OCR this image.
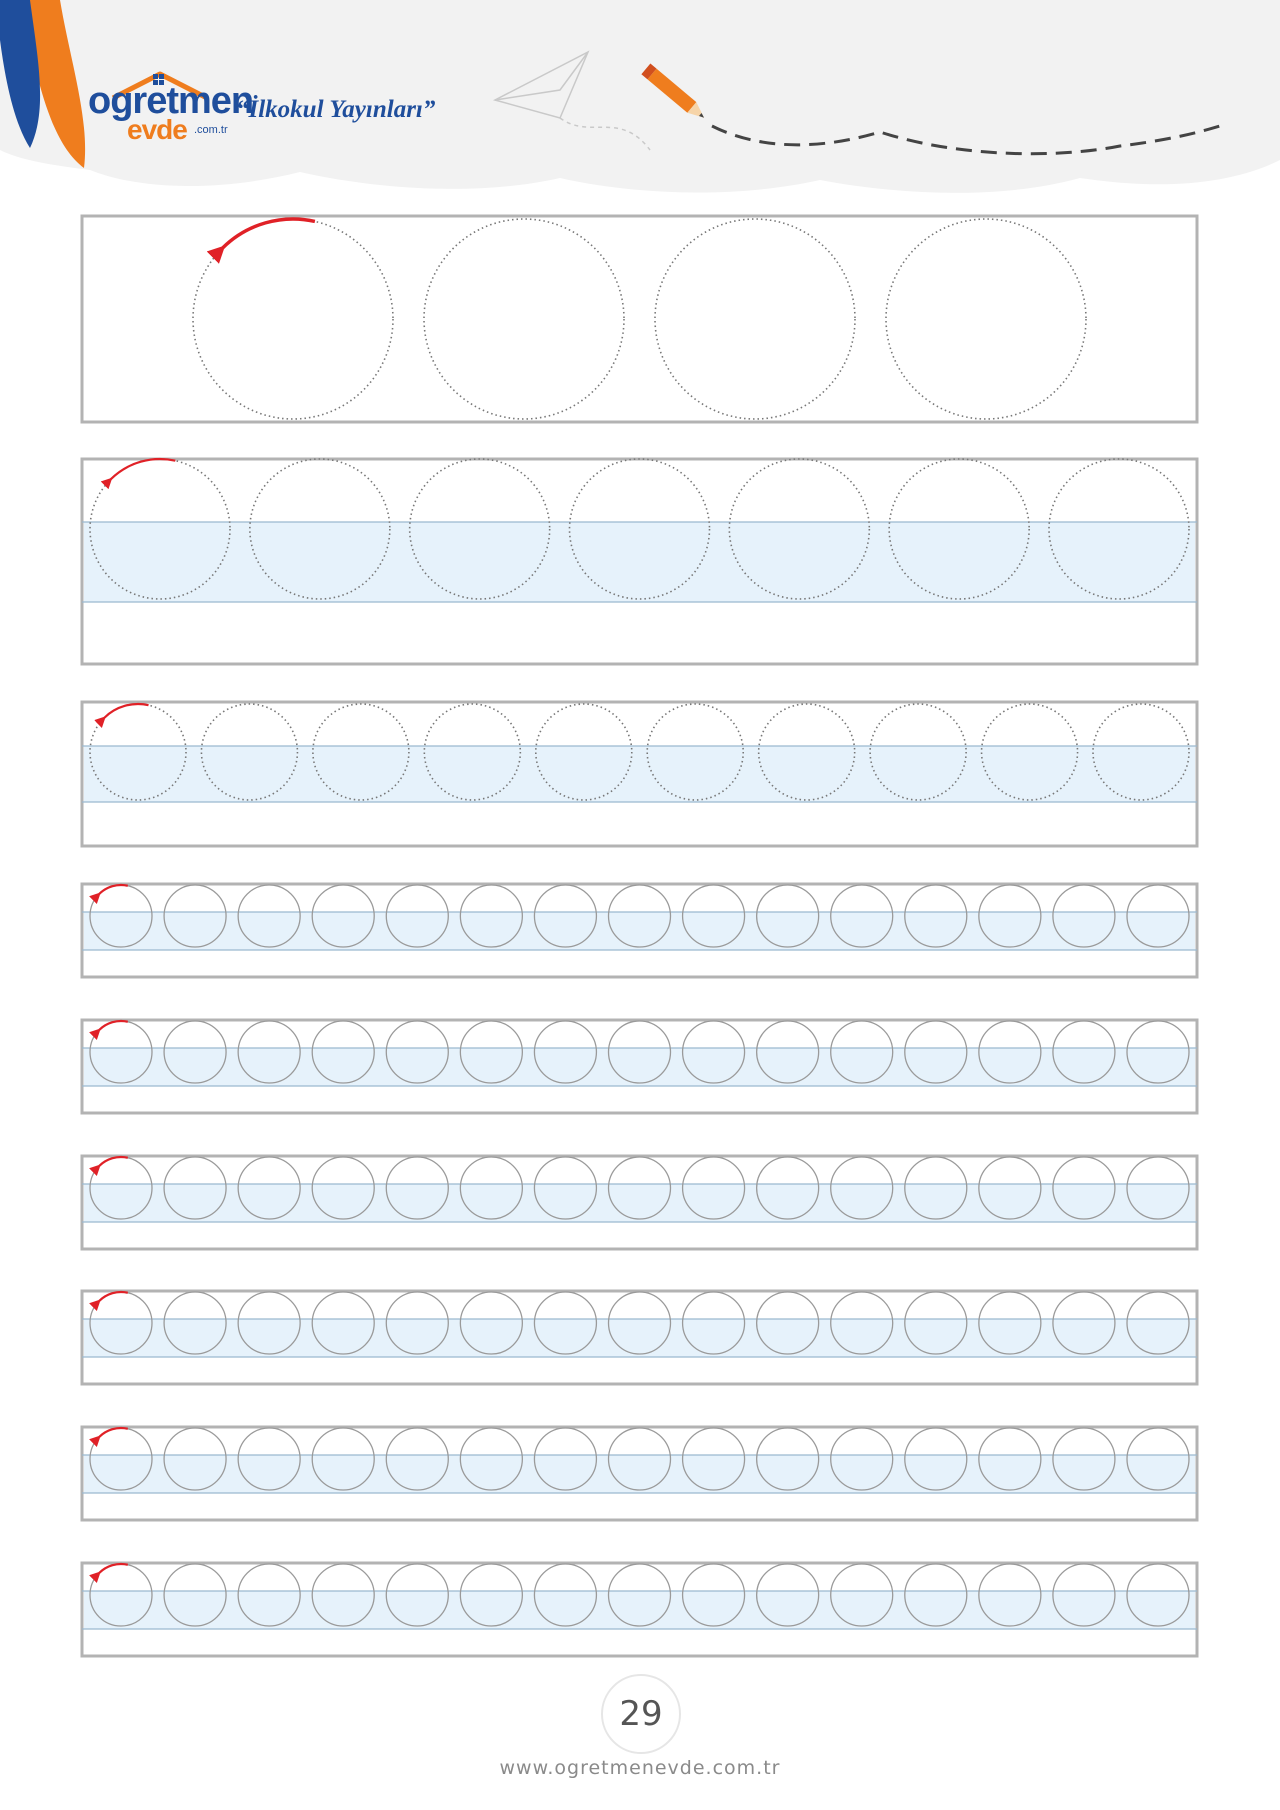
ogretmen
evde .com.tr
“İlkokul Yayınları”
29
www.ogretmenevde.com.tr
